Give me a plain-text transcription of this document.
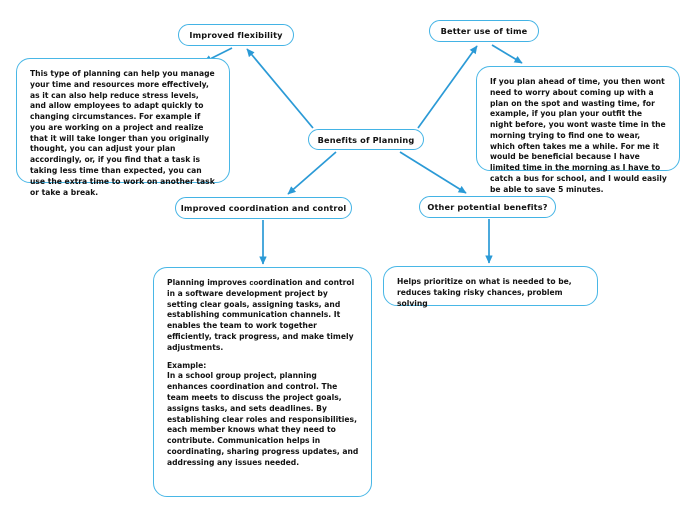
Improved flexibility	Better use of time
Benefits of Planning
Improved coordination and control	Other potential benefits?

This type of planning can help you manage your time and resources more effectively, as it can also help reduce stress levels, and allow employees to adapt quickly to changing circumstances. For example if you are working on a project and realize that it will take longer than you originally thought, you can adjust your plan accordingly, or, if you find that a task is taking less time than expected, you can use the extra time to work on another task or take a break.

If you plan ahead of time, you then wont need to worry about coming up with a plan on the spot and wasting time, for example, if you plan your outfit the night before, you wont waste time in the morning trying to find one to wear, which often takes me a while. For me it would be beneficial because I have limited time in the morning as I have to catch a bus for school, and I would easily be able to save 5 minutes.

Planning improves coordination and control in a software development project by setting clear goals, assigning tasks, and establishing communication channels. It enables the team to work together efficiently, track progress, and make timely adjustments.

Example:

In a school group project, planning enhances coordination and control. The team meets to discuss the project goals, assigns tasks, and sets deadlines. By establishing clear roles and responsibilities, each member knows what they need to contribute. Communication helps in coordinating, sharing progress updates, and addressing any issues needed.

Helps prioritize on what is needed to be, reduces taking risky chances, problem solving
